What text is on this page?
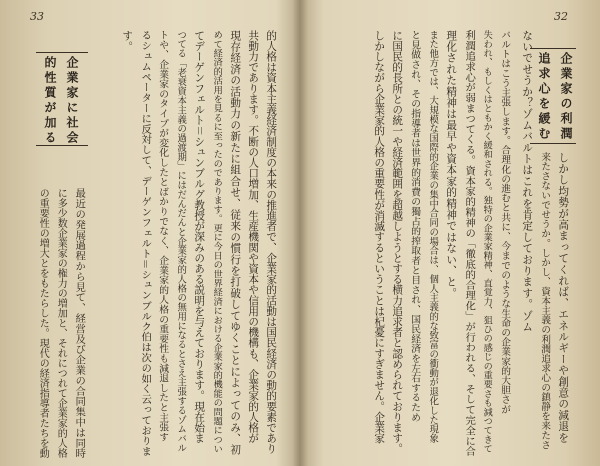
33
企業家に社会
的性質が加る	的人格は資本主義経済制度の本来の推進者で、企業家的活動は国民経済の動的要素であり
共動力であります。不断の人口増加、生産機関や資本や信用の機構も、企業家的人格が
現存経済の活動力の新たに組合せ、従来の慣行を打破してゆくことによってのみ、初
めて経済的活用を見るに至ったのであります。更に今日の世界経済における企業家的機能の問題につい
てデーゲンフェルト＝シュンブルグ教授が深みのある説明を与えております。現在始ま
つてる「老衰資本主義の過渡期」にはだんだんと企業家的人格の無用になるとさえ主張するゾムバル
トや、企業家のタイプが変化したとばかりでなく、企業家的人格の重要性も減退したと主張す
るシュムペーターに反対して、デーゲンフェルト＝シュンブルク伯は次の如く云っておりま
す。
最近の発展過程から見て、経営及び企業の合同集中は同時
に多少数企業家の権力の増加と、それにつれて企業家的人格
の重要性の増大とをもたらした。現代の経済指導者たちを動
32
企業家の利潤
追求心を緩む
しかし均勢が高まってくれば、エネルギーや創意の減退を
来たさないでせうか。しかし、資本主義の利潤追求心の鎮静を来たさ
ないでせうか？ゾムバルトはこれを肯定しております。ゾム
バルトはこう主張します。合理化の進むと共に、今までのような生命の企業家的大胆さが
失われ、もしくはともかく緩和される。独特の企業家精神、直覚力、狙ひの感じの重要さも減つてきて
利潤追求心が弱まつてくる。資本家的精神の「徹底的合理化」が行われる、そして完全に合
理化された精神は最早や資本家的精神ではない、と。
また他方では、大規模な国際的企業の集中合同の場合は、個人主義的な致富の衝動が退化した現象
と見做され、その指導者は世界的消費の獨占的搾取者と目され、国民経済を左右するため
に国民的長所との統一や経済範囲を超越しようとする横力追求者と認められております。
しかしながら企業家的人格の重要性が消滅するということは杞憂にすぎません。企業家
